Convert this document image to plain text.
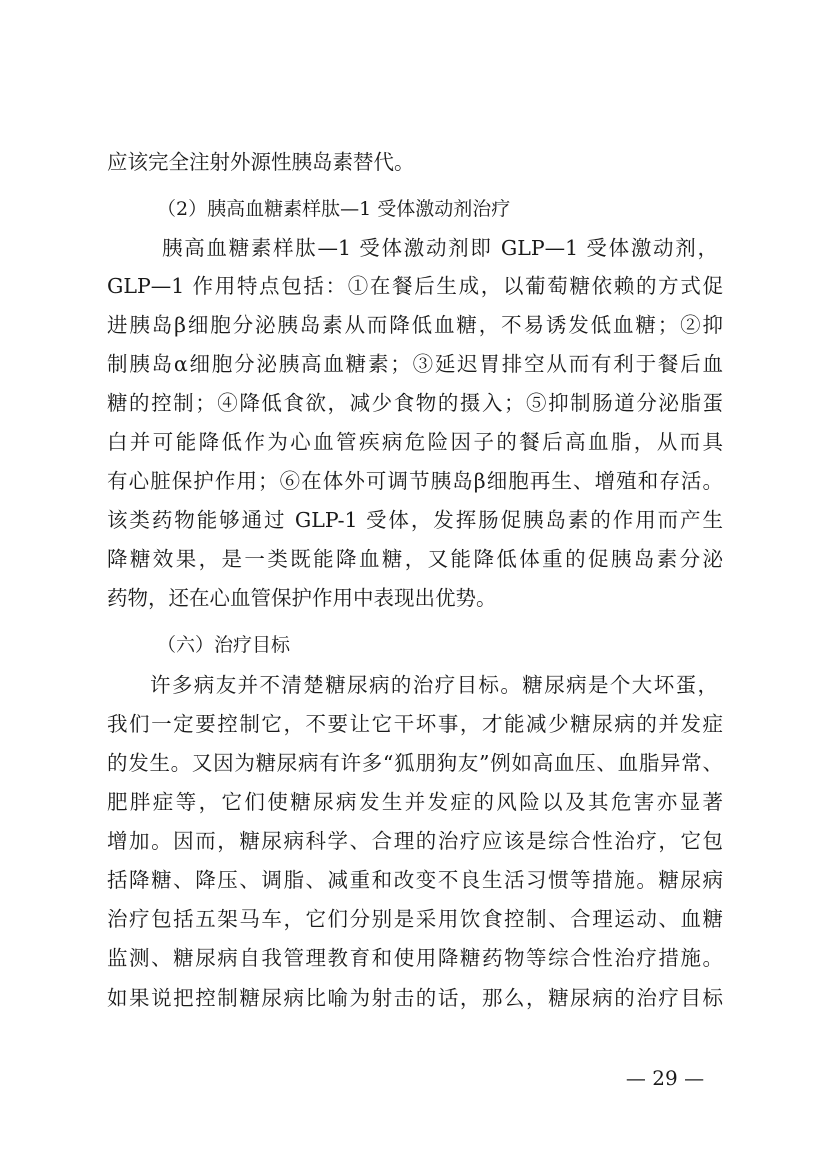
应该完全注射外源性胰岛素替代。
（2）胰高血糖素样肽—1 受体激动剂治疗
胰高血糖素样肽—1 受体激动剂即 GLP—1 受体激动剂，
GLP—1 作用特点包括：①在餐后生成，以葡萄糖依赖的方式促
进胰岛β细胞分泌胰岛素从而降低血糖，不易诱发低血糖；②抑
制胰岛α细胞分泌胰高血糖素；③延迟胃排空从而有利于餐后血
糖的控制；④降低食欲，减少食物的摄入；⑤抑制肠道分泌脂蛋
白并可能降低作为心血管疾病危险因子的餐后高血脂，从而具
有心脏保护作用；⑥在体外可调节胰岛β细胞再生、增殖和存活。
该类药物能够通过 GLP-1 受体，发挥肠促胰岛素的作用而产生
降糖效果，是一类既能降血糖，又能降低体重的促胰岛素分泌
药物，还在心血管保护作用中表现出优势。
（六）治疗目标
许多病友并不清楚糖尿病的治疗目标。糖尿病是个大坏蛋，
我们一定要控制它，不要让它干坏事，才能减少糖尿病的并发症
的发生。又因为糖尿病有许多“狐朋狗友”例如高血压、血脂异常、
肥胖症等，它们使糖尿病发生并发症的风险以及其危害亦显著
增加。因而，糖尿病科学、合理的治疗应该是综合性治疗，它包
括降糖、降压、调脂、减重和改变不良生活习惯等措施。糖尿病
治疗包括五架马车，它们分别是采用饮食控制、合理运动、血糖
监测、糖尿病自我管理教育和使用降糖药物等综合性治疗措施。
如果说把控制糖尿病比喻为射击的话，那么，糖尿病的治疗目标
— 29 —
